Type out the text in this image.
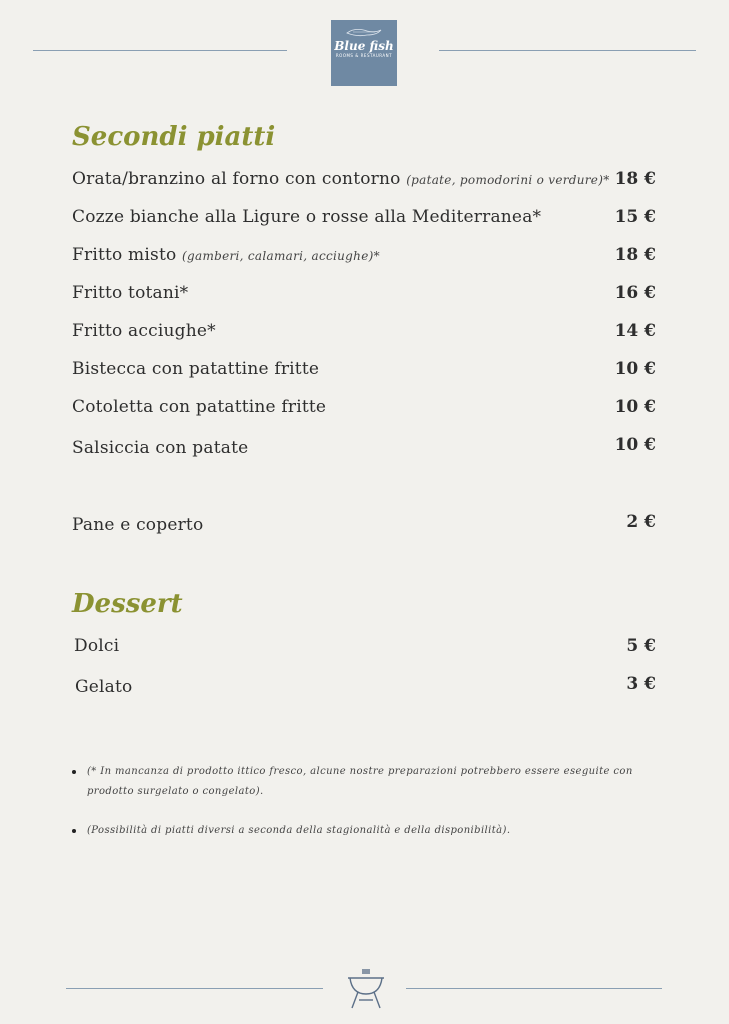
Blue fish
ROOMS & RESTAURANT
Secondi piatti
Orata/branzino al forno con contorno (patate, pomodorini o verdure)* 18 €
Cozze bianche alla Ligure o rosse alla Mediterranea*	15 €
Fritto misto (gamberi, calamari, acciughe)*	18 €
Fritto totani*	16 €
Fritto acciughe*	14 €
Bistecca con patattine fritte	10 €
Cotoletta con patattine fritte	10 €
Salsiccia con patate	10 €
Pane e coperto	2 €
Dessert
Dolci	5 €
Gelato	3 €
(* In mancanza di prodotto ittico fresco, alcune nostre preparazioni potrebbero essere eseguite con prodotto surgelato o congelato).
(Possibilità di piatti diversi a seconda della stagionalità e della disponibilità).
